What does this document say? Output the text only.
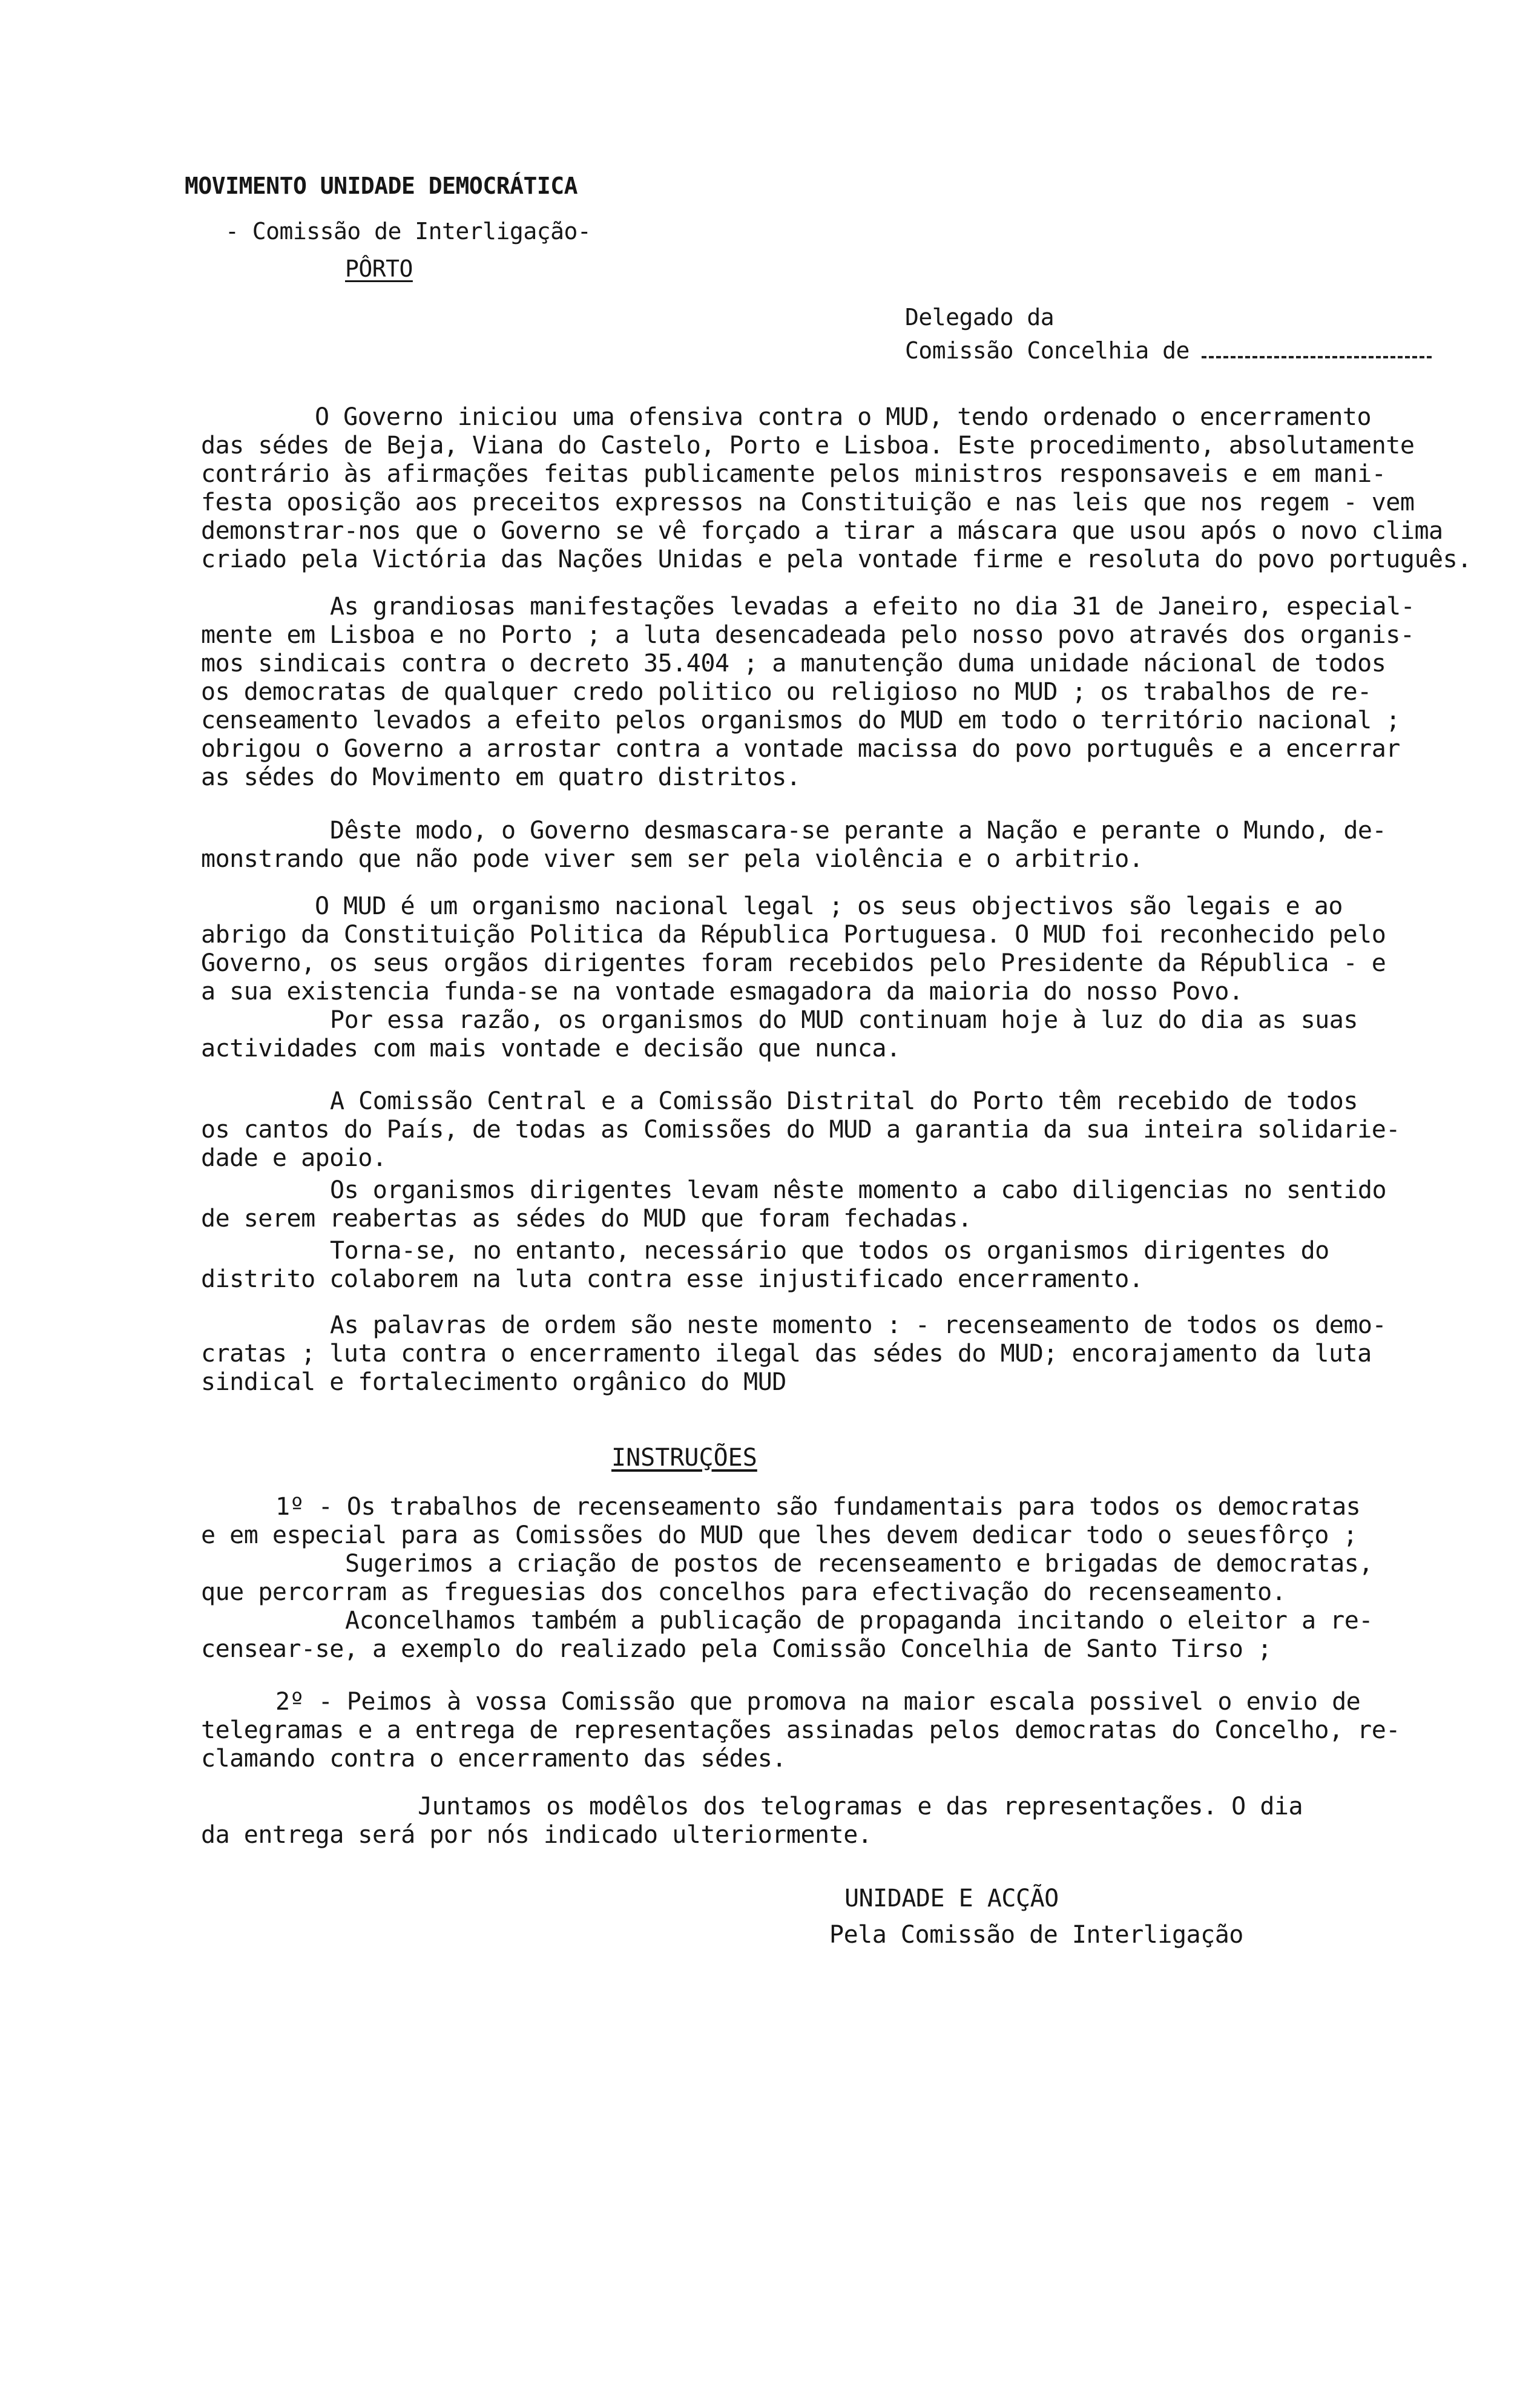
MOVIMENTO UNIDADE DEMOCRÁTICA
- Comissão de Interligação-
PÔRTO
Delegado da
Comissão Concelhia de
O Governo iniciou uma ofensiva contra o MUD, tendo ordenado o encerramento
das sédes de Beja, Viana do Castelo, Porto e Lisboa. Este procedimento, absolutamente
contrário às afirmações feitas publicamente pelos ministros responsaveis e em mani-
festa oposição aos preceitos expressos na Constituição e nas leis que nos regem - vem
demonstrar-nos que o Governo se vê forçado a tirar a máscara que usou após o novo clima
criado pela Victória das Nações Unidas e pela vontade firme e resoluta do povo português.
As grandiosas manifestações levadas a efeito no dia 31 de Janeiro, especial-
mente em Lisboa e no Porto ; a luta desencadeada pelo nosso povo através dos organis-
mos sindicais contra o decreto 35.404 ; a manutenção duma unidade nácional de todos
os democratas de qualquer credo politico ou religioso no MUD ; os trabalhos de re-
censeamento levados a efeito pelos organismos do MUD em todo o território nacional ;
obrigou o Governo a arrostar contra a vontade macissa do povo português e a encerrar
as sédes do Movimento em quatro distritos.
Dêste modo, o Governo desmascara-se perante a Nação e perante o Mundo, de-
monstrando que não pode viver sem ser pela violência e o arbitrio.
O MUD é um organismo nacional legal ; os seus objectivos são legais e ao
abrigo da Constituição Politica da Républica Portuguesa. O MUD foi reconhecido pelo
Governo, os seus orgãos dirigentes foram recebidos pelo Presidente da Républica - e
a sua existencia funda-se na vontade esmagadora da maioria do nosso Povo.
Por essa razão, os organismos do MUD continuam hoje à luz do dia as suas
actividades com mais vontade e decisão que nunca.
A Comissão Central e a Comissão Distrital do Porto têm recebido de todos
os cantos do País, de todas as Comissões do MUD a garantia da sua inteira solidarie-
dade e apoio.
Os organismos dirigentes levam nêste momento a cabo diligencias no sentido
de serem reabertas as sédes do MUD que foram fechadas.
Torna-se, no entanto, necessário que todos os organismos dirigentes do
distrito colaborem na luta contra esse injustificado encerramento.
As palavras de ordem são neste momento : - recenseamento de todos os demo-
cratas ; luta contra o encerramento ilegal das sédes do MUD; encorajamento da luta
sindical e fortalecimento orgânico do MUD
INSTRUÇÕES
1º - Os trabalhos de recenseamento são fundamentais para todos os democratas
e em especial para as Comissões do MUD que lhes devem dedicar todo o seuesfôrço ;
Sugerimos a criação de postos de recenseamento e brigadas de democratas,
que percorram as freguesias dos concelhos para efectivação do recenseamento.
Aconcelhamos também a publicação de propaganda incitando o eleitor a re-
censear-se, a exemplo do realizado pela Comissão Concelhia de Santo Tirso ;
2º - Peimos à vossa Comissão que promova na maior escala possivel o envio de
telegramas e a entrega de representações assinadas pelos democratas do Concelho, re-
clamando contra o encerramento das sédes.
Juntamos os modêlos dos telogramas e das representações. O dia
da entrega será por nós indicado ulteriormente.
UNIDADE E ACÇÃO
Pela Comissão de Interligação
